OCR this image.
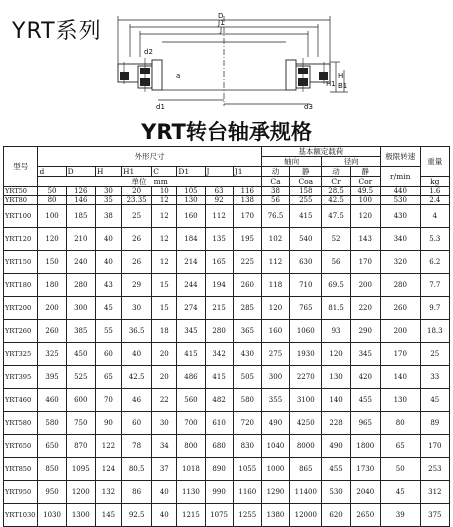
YRT系列
D
J1
J
d2
a	H
H1 B1
d1	d3
YRT转台轴承规格
型号	外形尺寸								基本额定载荷				极限转速	重量
									轴向		径向			
	d	D	H	H1	C	D1	J	J1	动	静	动	静	r/min	
	单位 mm								Ca	Coa	Cr	Cor		kg
YRT50	50	126	30	20	10	105	63	116	38	158	28.5	49.5	440	1.6
YRT80	80	146	35	23.35	12	130	92	138	56	255	42.5	100	530	2.4
YRT100	100	185	38	25	12	160	112	170	76.5	415	47.5	120	430	4
YRT120	120	210	40	26	12	184	135	195	102	540	52	143	340	5.3
YRT150	150	240	40	26	12	214	165	225	112	630	56	170	320	6.2
YRT180	180	280	43	29	15	244	194	260	118	710	69.5	200	280	7.7
YRT200	200	300	45	30	15	274	215	285	120	765	81.5	220	260	9.7
YRT260	260	385	55	36.5	18	345	280	365	160	1060	93	290	200	18.3
YRT325	325	450	60	40	20	415	342	430	275	1930	120	345	170	25
YRT395	395	525	65	42.5	20	486	415	505	300	2270	130	420	140	33
YRT460	460	600	70	46	22	560	482	580	355	3100	140	455	130	45
YRT580	580	750	90	60	30	700	610	720	490	4250	228	965	80	89
YRT650	650	870	122	78	34	800	680	830	1040	8000	490	1800	65	170
YRT850	850	1095	124	80.5	37	1018	890	1055	1000	865	455	1730	50	253
YRT950	950	1200	132	86	40	1130	990	1160	1290	11400	530	2040	45	312
YRT1030	1030	1300	145	92.5	40	1215	1075	1255	1380	12000	620	2650	39	375
